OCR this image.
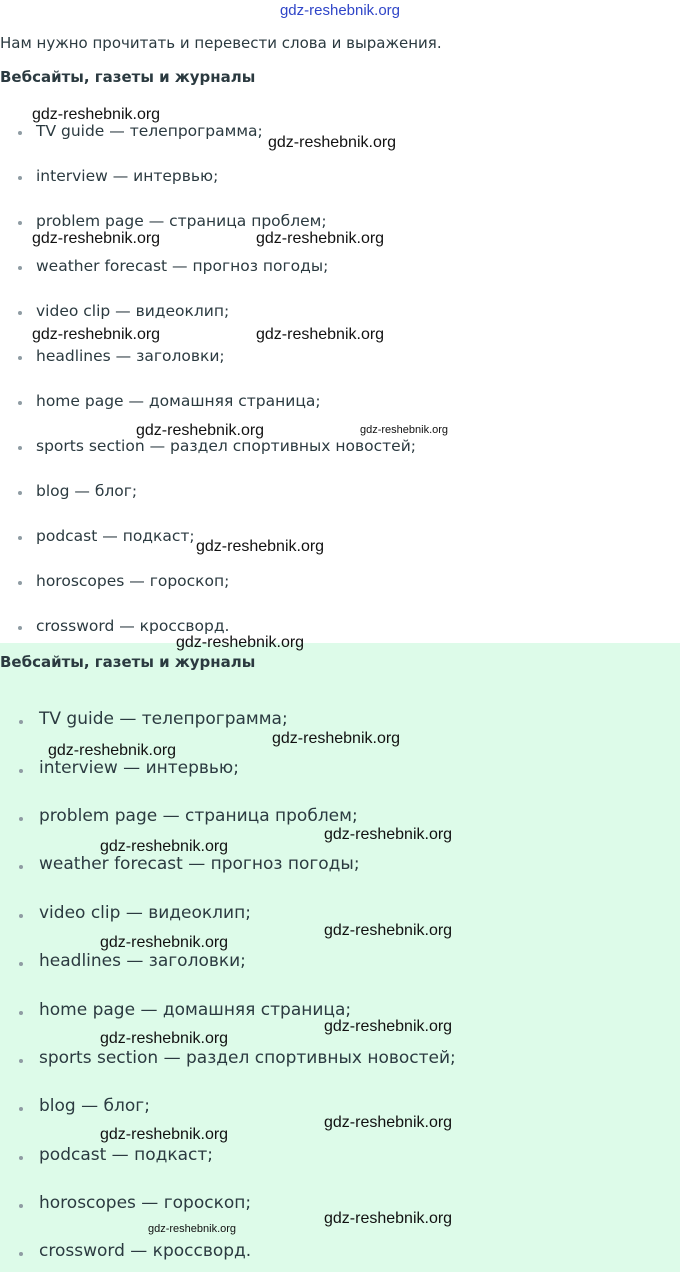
gdz-reshebnik.org

Нам нужно прочитать и перевести слова и выражения.

Вебсайты, газеты и журналы
TV guide — телепрограмма;
interview — интервью;
problem page — страница проблем;
weather forecast — прогноз погоды;
video clip — видеоклип;
headlines — заголовки;
home page — домашняя страница;
sports section — раздел спортивных новостей;
blog — блог;
podcast — подкаст;
horoscopes — гороскоп;
crossword — кроссворд.
Вебсайты, газеты и журналы
TV guide — телепрограмма;
interview — интервью;
problem page — страница проблем;
weather forecast — прогноз погоды;
video clip — видеоклип;
headlines — заголовки;
home page — домашняя страница;
sports section — раздел спортивных новостей;
blog — блог;
podcast — подкаст;
horoscopes — гороскоп;
crossword — кроссворд.
gdz-reshebnik.org
gdz-reshebnik.org
gdz-reshebnik.org	gdz-reshebnik.org
gdz-reshebnik.org	gdz-reshebnik.org
gdz-reshebnik.org	gdz-reshebnik.org
gdz-reshebnik.org
gdz-reshebnik.org
gdz-reshebnik.org
gdz-reshebnik.org
gdz-reshebnik.org
gdz-reshebnik.org
gdz-reshebnik.org
gdz-reshebnik.org
gdz-reshebnik.org
gdz-reshebnik.org
gdz-reshebnik.org
gdz-reshebnik.org
gdz-reshebnik.org
gdz-reshebnik.org
